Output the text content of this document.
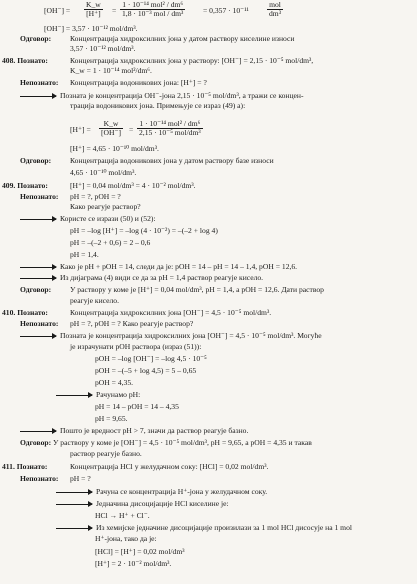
$[OH^-] = \frac{K\_w}{[H^+]} = \frac{\text{1 · 10⁻¹⁴ mol² / dm⁶}}{\text{1,8 · 10⁻³ mol / dm³}} = 0,357 \cdot 10^{-11} \frac{\text{mol}}{\text{dm³}}$
[OH⁻] = 3,57 · 10⁻¹² mol/dm³.
Одговор: Концентрација хидроксилних јона у датом раствору киселине износи
3,57 · 10⁻¹² mol/dm³.
408. Познато:	Концентрација хидроксилних јона у раствору: [OH⁻] = 2,15 · 10⁻⁵ mol/dm³,
K_w = 1 · 10⁻¹⁴ mol²/dm⁶.
Непознато: Концентрација водоникових јона: [H⁺] = ?
Позната је концентрација OH⁻-јона 2,15 · 10⁻⁵ mol/dm³, а тражи се концен-
трација водоникових јона. Примењује се израз (49) а):
$[H^+] = \frac{K\_w}{[OH^-]} = \frac{\text{1 · 10⁻¹⁴ mol² / dm⁶}}{\text{2,15 · 10⁻⁵ mol/dm³}}$
[H⁺] = 4,65 · 10⁻¹⁰ mol/dm³.
Одговор: Концентрација водоникових јона у датом раствору базе износи
4,65 · 10⁻¹⁰ mol/dm³.
409. Познато:	[H⁺] = 0,04 mol/dm³ = 4 · 10⁻² mol/dm³.
Непознато: pH = ?, pOH = ?
Како реагује раствор?
Користе се изрази (50) и (52):
pH = –log [H⁺] = –log (4 · 10⁻²) = –(–2 + log 4)
pH = –(–2 + 0,6) = 2 – 0,6
pH = 1,4.
Како је pH + pOH = 14, следи да је: pOH = 14 – pH = 14 – 1,4, pOH = 12,6.
Из дијаграма (4) види се да за pH = 1,4 раствор реагује кисело.
Одговор: У раствору у коме је [H⁺] = 0,04 mol/dm³, pH = 1,4, а pOH = 12,6. Дати раствор
реагује кисело.
410. Познато:	Концентрација хидроксилних јона [OH⁻] = 4,5 · 10⁻⁵ mol/dm³.
Непознато: pH = ?, pOH = ? Како реагује раствор?
Позната је концентрација хидроксилних јона [OH⁻] = 4,5 · 10⁻⁵ mol/dm³. Могуће
је израчунати pOH раствора (израз (51)):
pOH = –log [OH⁻] = –log 4,5 · 10⁻⁵
pOH = –(–5 + log 4,5) = 5 – 0,65
pOH = 4,35.
Рачунамо pH:
pH = 14 – pOH = 14 – 4,35
pH = 9,65.
Пошто је вредност pH > 7, значи да раствор реагује базно.
Одговор: У раствору у коме је [OH⁻] = 4,5 · 10⁻⁵ mol/dm³, pH = 9,65, а pOH = 4,35 и такав
раствор реагује базно.
411. Познато:	Концентрација HCl у желудачном соку: [HCl] = 0,02 mol/dm³.
Непознато: pH = ?
Рачуна се концентрација H⁺-јона у желудачном соку.
Једначина дисоцијације HCl киселине је:
HCl → H⁺ + Cl⁻.
Из хемијске једначине дисоцијације произилази за 1 mol HCl дисосује на 1 mol
H⁺-јона, тако да је:
[HCl] = [H⁺] = 0,02 mol/dm³
[H⁺] = 2 · 10⁻² mol/dm³.
